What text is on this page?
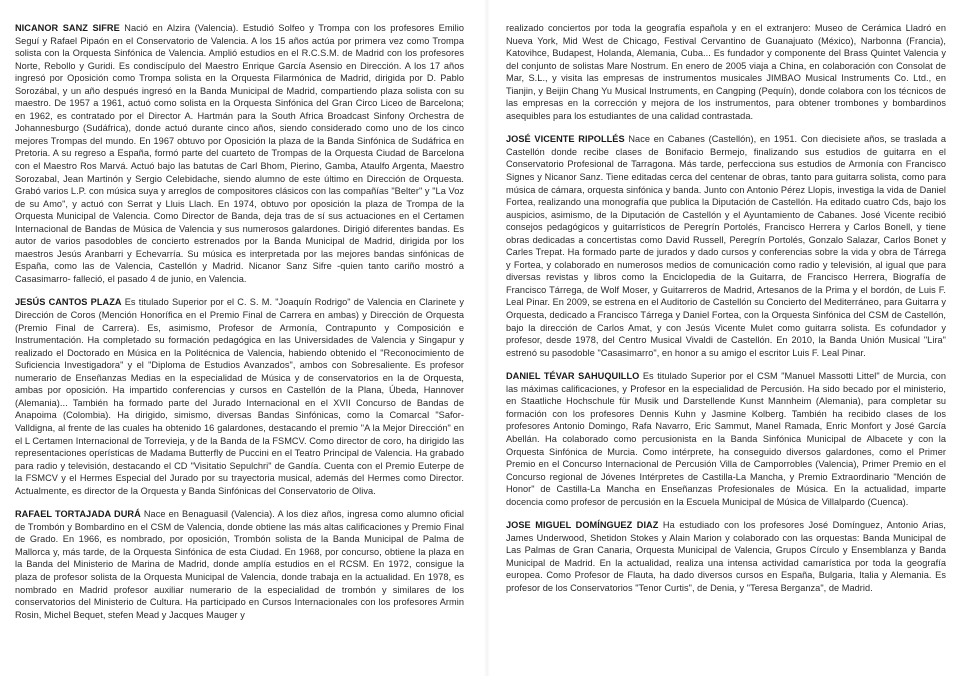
NICANOR SANZ SIFRE Nació en Alzira (Valencia). Estudió Solfeo y Trompa con los profesores Emilio Seguí y Rafael Pipaón en el Conservatorio de Valencia. A los 15 años actúa por primera vez como Trompa solista con la Orquesta Sinfónica de Valencia. Amplió estudios en el R.C.S.M. de Madrid con los profesores Norte, Rebollo y Guridi. Es condiscípulo del Maestro Enrique García Asensio en Dirección. A los 17 años ingresó por Oposición como Trompa solista en la Orquesta Filarmónica de Madrid, dirigida por D. Pablo Sorozábal, y un año después ingresó en la Banda Municipal de Madrid, compartiendo plaza solista con su maestro. De 1957 a 1961, actuó como solista en la Orquesta Sinfónica del Gran Circo Liceo de Barcelona; en 1962, es contratado por el Director A. Hartmán para la South Africa Broadcast Sinfony Orchestra de Johannesburgo (Sudáfrica), donde actuó durante cinco años, siendo considerado como uno de los cinco mejores Trompas del mundo. En 1967 obtuvo por Oposición la plaza de la Banda Sinfónica de Sudáfrica en Pretoria. A su regreso a España, formó parte del cuarteto de Trompas de la Orquesta Ciudad de Barcelona con el Maestro Ros Marvá. Actuó bajo las batutas de Carl Bhom, Pierino, Gamba, Ataulfo Argenta, Maestro Sorozabal, Jean Martinón y Sergio Celebidache, siendo alumno de este último en Dirección de Orquesta. Grabó varios L.P. con música suya y arreglos de compositores clásicos con las compañías "Belter" y "La Voz de su Amo", y actuó con Serrat y Lluis Llach. En 1974, obtuvo por oposición la plaza de Trompa de la Orquesta Municipal de Valencia. Como Director de Banda, deja tras de sí sus actuaciones en el Certamen Internacional de Bandas de Música de Valencia y sus numerosos galardones. Dirigió diferentes bandas. Es autor de varios pasodobles de concierto estrenados por la Banda Municipal de Madrid, dirigida por los maestros Jesús Aranbarri y Echevarría. Su música es interpretada por las mejores bandas sinfónicas de España, como las de Valencia, Castellón y Madrid. Nicanor Sanz Sifre -quien tanto cariño mostró a Casasimarro- falleció, el pasado 4 de junio, en Valencia.

JESÚS CANTOS PLAZA Es titulado Superior por el C. S. M. "Joaquín Rodrigo" de Valencia en Clarinete y Dirección de Coros (Mención Honorífica en el Premio Final de Carrera en ambas) y Dirección de Orquesta (Premio Final de Carrera). Es, asimismo, Profesor de Armonía, Contrapunto y Composición e Instrumentación. Ha completado su formación pedagógica en las Universidades de Valencia y Singapur y realizado el Doctorado en Música en la Politécnica de Valencia, habiendo obtenido el "Reconocimiento de Suficiencia Investigadora" y el "Diploma de Estudios Avanzados", ambos con Sobresaliente. Es profesor numerario de Enseñanzas Medias en la especialidad de Música y de conservatorios en la de Orquesta, ambas por oposición. Ha impartido conferencias y cursos en Castellón de la Plana, Úbeda, Hannover (Alemania)... También ha formado parte del Jurado Internacional en el XVII Concurso de Bandas de Anapoima (Colombia). Ha dirigido, simismo, diversas Bandas Sinfónicas, como la Comarcal "Safor-Valldigna, al frente de las cuales ha obtenido 16 galardones, destacando el premio "A la Mejor Dirección" en el L Certamen Internacional de Torrevieja, y de la Banda de la FSMCV. Como director de coro, ha dirigido las representaciones operísticas de Madama Butterfly de Puccini en el Teatro Principal de Valencia. Ha grabado para radio y televisión, destacando el CD "Visitatio Sepulchri" de Gandía. Cuenta con el Premio Euterpe de la FSMCV y el Hermes Especial del Jurado por su trayectoria musical, además del Hermes como Director. Actualmente, es director de la Orquesta y Banda Sinfónicas del Conservatorio de Oliva.

RAFAEL TORTAJADA DURÁ Nace en Benaguasil (Valencia). A los diez años, ingresa como alumno oficial de Trombón y Bombardino en el CSM de Valencia, donde obtiene las más altas calificaciones y Premio Final de Grado. En 1966, es nombrado, por oposición, Trombón solista de la Banda Municipal de Palma de Mallorca y, más tarde, de la Orquesta Sinfónica de esta Ciudad. En 1968, por concurso, obtiene la plaza en la Banda del Ministerio de Marina de Madrid, donde amplía estudios en el RCSM. En 1972, consigue la plaza de profesor solista de la Orquesta Municipal de Valencia, donde trabaja en la actualidad. En 1978, es nombrado en Madrid profesor auxiliar numerario de la especialidad de trombón y similares de los conservatorios del Ministerio de Cultura. Ha participado en Cursos Internacionales con los profesores Armin Rosin, Michel Bequet, stefen Mead y Jacques Mauger y

realizado conciertos por toda la geografía española y en el extranjero: Museo de Cerámica Lladró en Nueva York, Mid West de Chicago, Festival Cervantino de Guanajuato (México), Narbonna (Francia), Katovihce, Budapest, Holanda, Alemania, Cuba... Es fundador y componente del Brass Quintet Valencia y del conjunto de solistas Mare Nostrum. En enero de 2005 viaja a China, en colaboración con Consolat de Mar, S.L., y visita las empresas de instrumentos musicales JIMBAO Musical Instruments Co. Ltd., en Tianjin, y Beijin Chang Yu Musical Instruments, en Cangping (Pequín), donde colabora con los técnicos de las empresas en la corrección y mejora de los instrumentos, para obtener trombones y bombardinos asequibles para los estudiantes de una calidad contrastada.

JOSÉ VICENTE RIPOLLÉS Nace en Cabanes (Castellón), en 1951. Con diecisiete años, se traslada a Castellón donde recibe clases de Bonifacio Bermejo, finalizando sus estudios de guitarra en el Conservatorio Profesional de Tarragona. Más tarde, perfecciona sus estudios de Armonía con Francisco Signes y Nicanor Sanz. Tiene editadas cerca del centenar de obras, tanto para guitarra solista, como para música de cámara, orquesta sinfónica y banda. Junto con Antonio Pérez Llopis, investiga la vida de Daniel Fortea, realizando una monografía que publica la Diputación de Castellón. Ha editado cuatro Cds, bajo los auspicios, asimismo, de la Diputación de Castellón y el Ayuntamiento de Cabanes. José Vicente recibió consejos pedagógicos y guitarrísticos de Peregrín Portolés, Francisco Herrera y Carlos Bonell, y tiene obras dedicadas a concertistas como David Russell, Peregrín Portolés, Gonzalo Salazar, Carlos Bonet y Carles Trepat. Ha formado parte de jurados y dado cursos y conferencias sobre la vida y obra de Tárrega y Fortea, y colaborado en numerosos medios de comunicación como radio y televisión, al igual que para diversas revistas y libros como la Enciclopedia de la Guitarra, de Francisco Herrera, Biografía de Francisco Tárrega, de Wolf Moser, y Guitarreros de Madrid, Artesanos de la Prima y el bordón, de Luis F. Leal Pinar. En 2009, se estrena en el Auditorio de Castellón su Concierto del Mediterráneo, para Guitarra y Orquesta, dedicado a Francisco Tárrega y Daniel Fortea, con la Orquesta Sinfónica del CSM de Castellón, bajo la dirección de Carlos Amat, y con Jesús Vicente Mulet como guitarra solista. Es cofundador y profesor, desde 1978, del Centro Musical Vivaldi de Castellón. En 2010, la Banda Unión Musical "Lira" estrenó su pasodoble "Casasimarro", en honor a su amigo el escritor Luis F. Leal Pinar.

DANIEL TÉVAR SAHUQUILLO Es titulado Superior por el CSM "Manuel Massotti Littel" de Murcia, con las máximas calificaciones, y Profesor en la especialidad de Percusión. Ha sido becado por el ministerio, en Staatliche Hochschule für Musik und Darstellende Kunst Mannheim (Alemania), para completar su formación con los profesores Dennis Kuhn y Jasmine Kolberg. También ha recibido clases de los profesores Antonio Domingo, Rafa Navarro, Eric Sammut, Manel Ramada, Enric Monfort y José García Abellán. Ha colaborado como percusionista en la Banda Sinfónica Municipal de Albacete y con la Orquesta Sinfónica de Murcia. Como intérprete, ha conseguido diversos galardones, como el Primer Premio en el Concurso Internacional de Percusión Villa de Camporrobles (Valencia), Primer Premio en el Concurso regional de Jóvenes Intérpretes de Castilla-La Mancha, y Premio Extraordinario "Mención de Honor" de Castilla-La Mancha en Enseñanzas Profesionales de Música. En la actualidad, imparte docencia como profesor de percusión en la Escuela Municipal de Música de Villalpardo (Cuenca).

JOSE MIGUEL DOMÍNGUEZ DIAZ Ha estudiado con los profesores José Domínguez, Antonio Arias, James Underwood, Shetidon Stokes y Alain Marion y colaborado con las orquestas: Banda Municipal de Las Palmas de Gran Canaria, Orquesta Municipal de Valencia, Grupos Círculo y Ensemblanza y Banda Municipal de Madrid. En la actualidad, realiza una intensa actividad camarística por toda la geografía europea. Como Profesor de Flauta, ha dado diversos cursos en España, Bulgaria, Italia y Alemania. Es profesor de los Conservatorios "Tenor Curtis", de Denia, y "Teresa Berganza", de Madrid.
